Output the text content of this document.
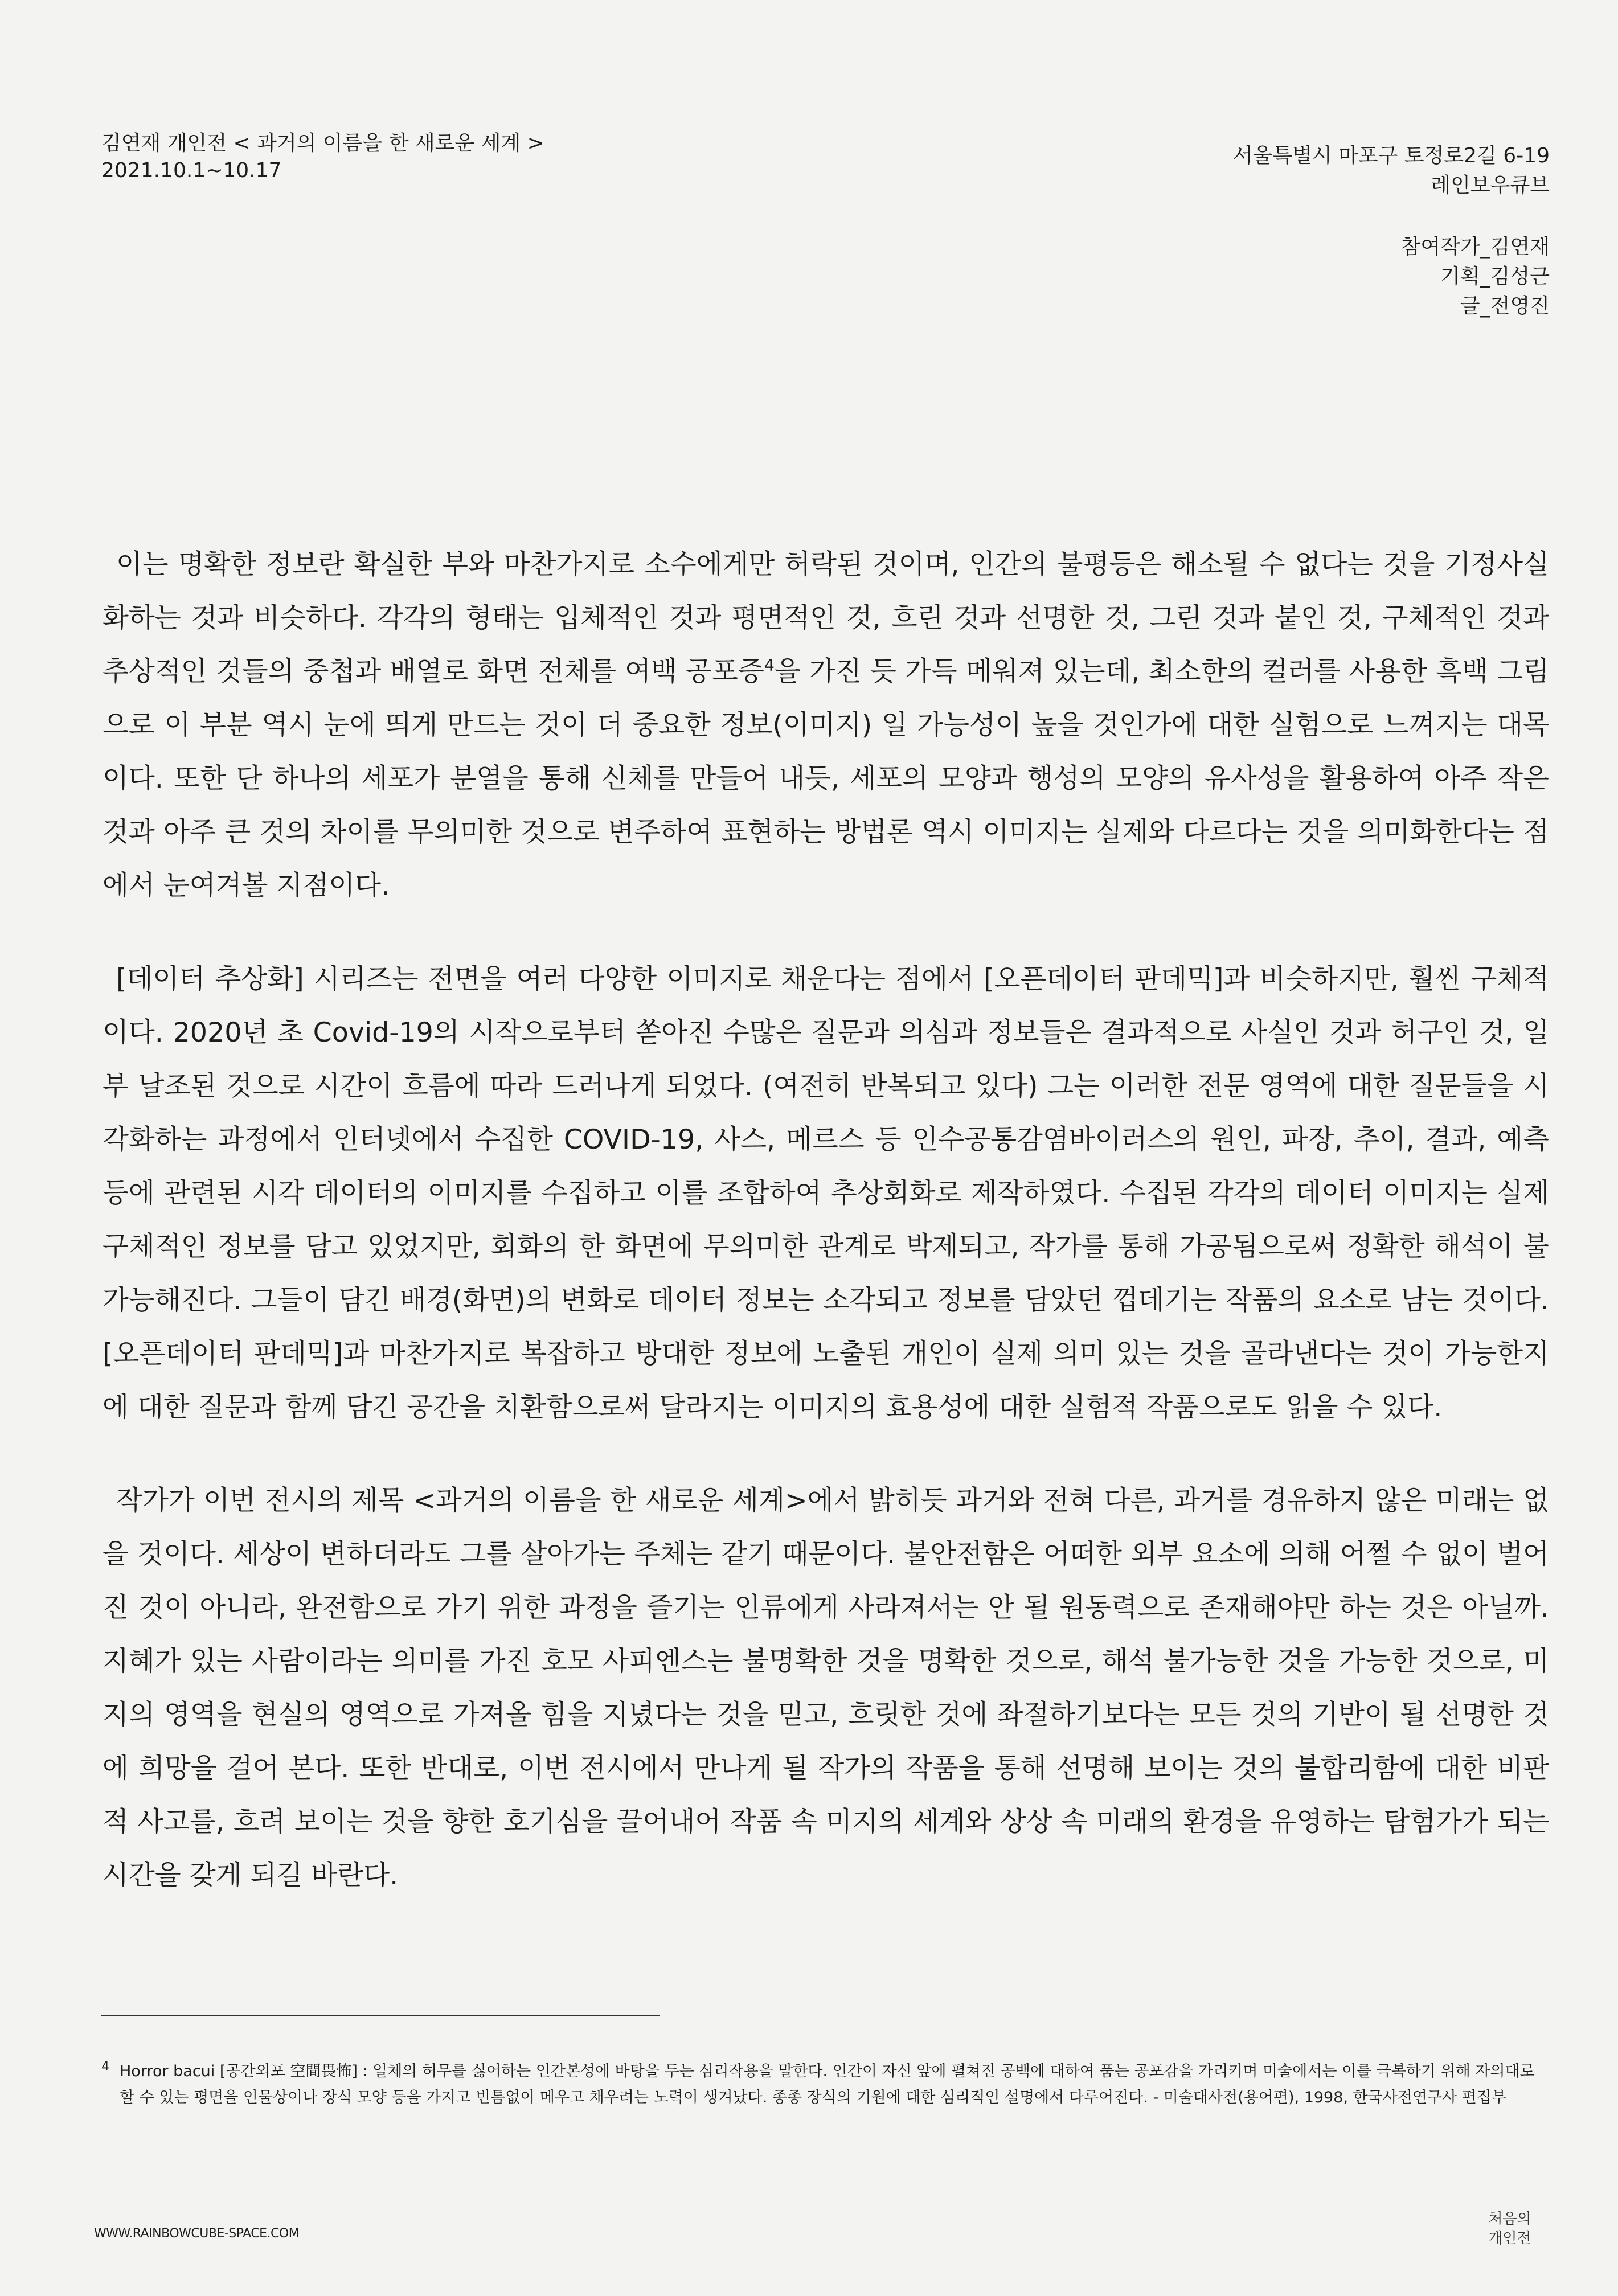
김연재 개인전 < 과거의 이름을 한 새로운 세계 >
2021.10.1~10.17
서울특별시 마포구 토정로2길 6-19
레인보우큐브
참여작가_김연재
기획_김성근
글_전영진

이는 명확한 정보란 확실한 부와 마찬가지로 소수에게만 허락된 것이며, 인간의 불평등은 해소될 수 없다는 것을 기정사실화하는 것과 비슷하다. 각각의 형태는 입체적인 것과 평면적인 것, 흐린 것과 선명한 것, 그린 것과 붙인 것, 구체적인 것과 추상적인 것들의 중첩과 배열로 화면 전체를 여백 공포증$^4$을 가진 듯 가득 메워져 있는데, 최소한의 컬러를 사용한 흑백 그림으로 이 부분 역시 눈에 띄게 만드는 것이 더 중요한 정보(이미지) 일 가능성이 높을 것인가에 대한 실험으로 느껴지는 대목이다. 또한 단 하나의 세포가 분열을 통해 신체를 만들어 내듯, 세포의 모양과 행성의 모양의 유사성을 활용하여 아주 작은 것과 아주 큰 것의 차이를 무의미한 것으로 변주하여 표현하는 방법론 역시 이미지는 실제와 다르다는 것을 의미화한다는 점에서 눈여겨볼 지점이다.

[데이터 추상화] 시리즈는 전면을 여러 다양한 이미지로 채운다는 점에서 [오픈데이터 판데믹]과 비슷하지만, 훨씬 구체적이다. 2020년 초 Covid-19의 시작으로부터 쏟아진 수많은 질문과 의심과 정보들은 결과적으로 사실인 것과 허구인 것, 일부 날조된 것으로 시간이 흐름에 따라 드러나게 되었다. (여전히 반복되고 있다) 그는 이러한 전문 영역에 대한 질문들을 시각화하는 과정에서 인터넷에서 수집한 COVID-19, 사스, 메르스 등 인수공통감염바이러스의 원인, 파장, 추이, 결과, 예측 등에 관련된 시각 데이터의 이미지를 수집하고 이를 조합하여 추상회화로 제작하였다. 수집된 각각의 데이터 이미지는 실제 구체적인 정보를 담고 있었지만, 회화의 한 화면에 무의미한 관계로 박제되고, 작가를 통해 가공됨으로써 정확한 해석이 불가능해진다. 그들이 담긴 배경(화면)의 변화로 데이터 정보는 소각되고 정보를 담았던 껍데기는 작품의 요소로 남는 것이다. [오픈데이터 판데믹]과 마찬가지로 복잡하고 방대한 정보에 노출된 개인이 실제 의미 있는 것을 골라낸다는 것이 가능한지에 대한 질문과 함께 담긴 공간을 치환함으로써 달라지는 이미지의 효용성에 대한 실험적 작품으로도 읽을 수 있다.

작가가 이번 전시의 제목 <과거의 이름을 한 새로운 세계>에서 밝히듯 과거와 전혀 다른, 과거를 경유하지 않은 미래는 없을 것이다. 세상이 변하더라도 그를 살아가는 주체는 같기 때문이다. 불안전함은 어떠한 외부 요소에 의해 어쩔 수 없이 벌어진 것이 아니라, 완전함으로 가기 위한 과정을 즐기는 인류에게 사라져서는 안 될 원동력으로 존재해야만 하는 것은 아닐까. 지혜가 있는 사람이라는 의미를 가진 호모 사피엔스는 불명확한 것을 명확한 것으로, 해석 불가능한 것을 가능한 것으로, 미지의 영역을 현실의 영역으로 가져올 힘을 지녔다는 것을 믿고, 흐릿한 것에 좌절하기보다는 모든 것의 기반이 될 선명한 것에 희망을 걸어 본다. 또한 반대로, 이번 전시에서 만나게 될 작가의 작품을 통해 선명해 보이는 것의 불합리함에 대한 비판적 사고를, 흐려 보이는 것을 향한 호기심을 끌어내어 작품 속 미지의 세계와 상상 속 미래의 환경을 유영하는 탐험가가 되는 시간을 갖게 되길 바란다.

4 Horror bacui [공간외포 空間畏怖] : 일체의 허무를 싫어하는 인간본성에 바탕을 두는 심리작용을 말한다. 인간이 자신 앞에 펼쳐진 공백에 대하여 품는 공포감을 가리키며 미술에서는 이를 극복하기 위해 자의대로 할 수 있는 평면을 인물상이나 장식 모양 등을 가지고 빈틈없이 메우고 채우려는 노력이 생겨났다. 종종 장식의 기원에 대한 심리적인 설명에서 다루어진다. - 미술대사전(용어편), 1998, 한국사전연구사 편집부
WWW.RAINBOWCUBE-SPACE.COM
처음의
개인전
